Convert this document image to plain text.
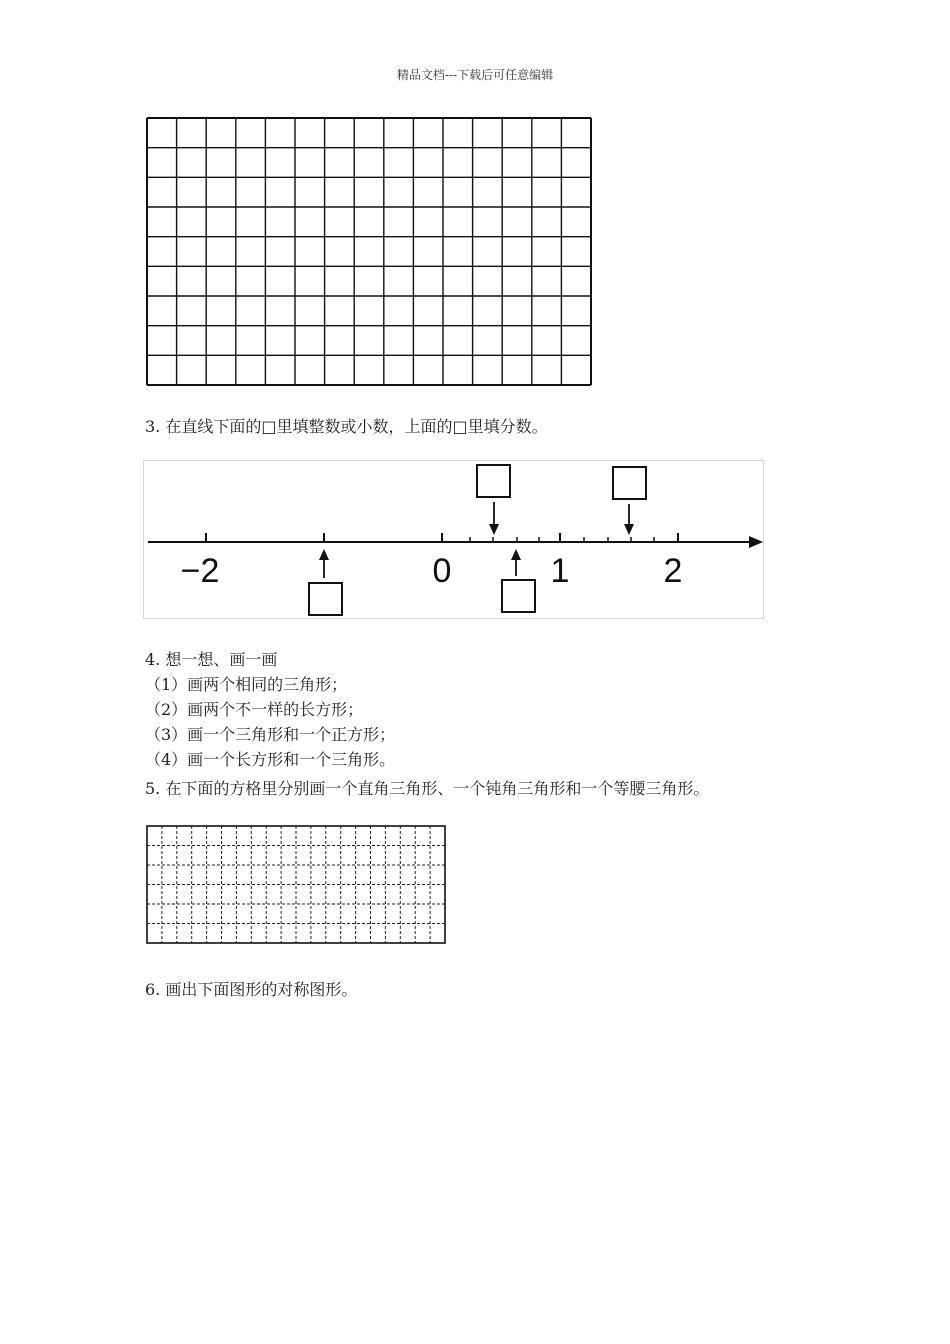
精品文档---下载后可任意编辑
3. 在直线下面的□里填整数或小数，上面的□里填分数。
−2	0	1	2
4. 想一想、画一画
（1）画两个相同的三角形；
（2）画两个不一样的长方形；
（3）画一个三角形和一个正方形；
（4）画一个长方形和一个三角形。
5. 在下面的方格里分别画一个直角三角形、一个钝角三角形和一个等腰三角形。
6. 画出下面图形的对称图形。
